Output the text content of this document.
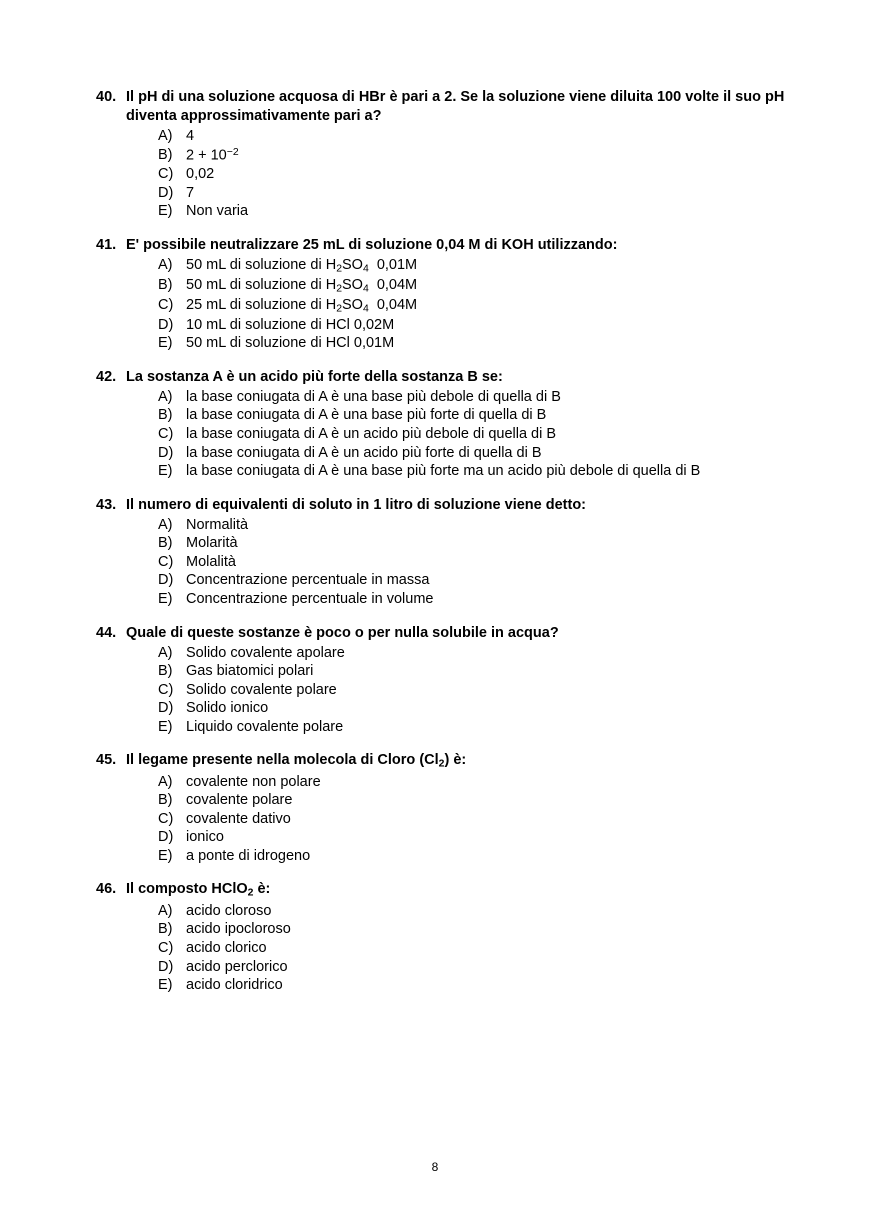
40. Il pH di una soluzione acquosa di HBr è pari a 2. Se la soluzione viene diluita 100 volte il suo pH diventa approssimativamente pari a?
A) 4
B) $2 + 10^{-2}$
C) 0,02
D) 7
E) Non varia
41. E' possibile neutralizzare 25 mL di soluzione 0,04 M di KOH utilizzando:
A) 50 mL di soluzione di $H_2SO_4$  0,01M
B) 50 mL di soluzione di $H_2SO_4$  0,04M
C) 25 mL di soluzione di $H_2SO_4$  0,04M
D) 10 mL di soluzione di HCl 0,02M
E) 50 mL di soluzione di HCl 0,01M
42. La sostanza A è un acido più forte della sostanza B se:
A) la base coniugata di A è una base più debole di quella di B
B) la base coniugata di A è una base più forte di quella di B
C) la base coniugata di A è un acido più debole di quella di B
D) la base coniugata di A è un acido più forte di quella di B
E) la base coniugata di A è una base più forte ma un acido più debole di quella di B
43. Il numero di equivalenti di soluto in 1 litro di soluzione viene detto:
A) Normalità
B) Molarità
C) Molalità
D) Concentrazione percentuale in massa
E) Concentrazione percentuale in volume
44. Quale di queste sostanze è poco o per nulla solubile in acqua?
A) Solido covalente apolare
B) Gas biatomici polari
C) Solido covalente polare
D) Solido ionico
E) Liquido covalente polare
45. Il legame presente nella molecola di Cloro $(Cl_2)$ è:
A) covalente non polare
B) covalente polare
C) covalente dativo
D) ionico
E) a ponte di idrogeno
46. Il composto HClO$_2$ è:
A) acido cloroso
B) acido ipocloroso
C) acido clorico
D) acido perclorico
E) acido cloridrico
8
